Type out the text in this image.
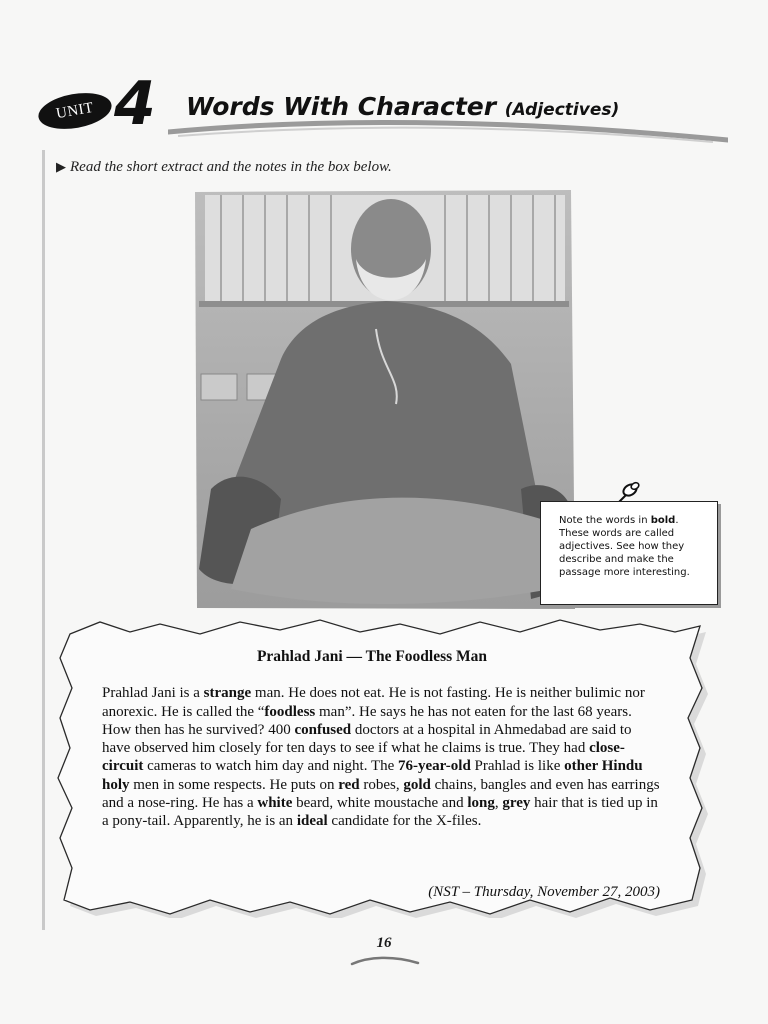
UNIT 4 Words With Character (Adjectives)
▶ Read the short extract and the notes in the box below.
Note the words in bold. These words are called adjectives. See how they describe and make the passage more interesting.
Prahlad Jani — The Foodless Man

Prahlad Jani is a strange man. He does not eat. He is not fasting. He is neither bulimic nor anorexic. He is called the “foodless man”. He says he has not eaten for the last 68 years. How then has he survived? 400 confused doctors at a hospital in Ahmedabad are said to have observed him closely for ten days to see if what he claims is true. They had close-circuit cameras to watch him day and night. The 76-year-old Prahlad is like other Hindu holy men in some respects. He puts on red robes, gold chains, bangles and even has earrings and a nose-ring. He has a white beard, white moustache and long, grey hair that is tied up in a pony-tail. Apparently, he is an ideal candidate for the X-files.

(NST – Thursday, November 27, 2003)
16
